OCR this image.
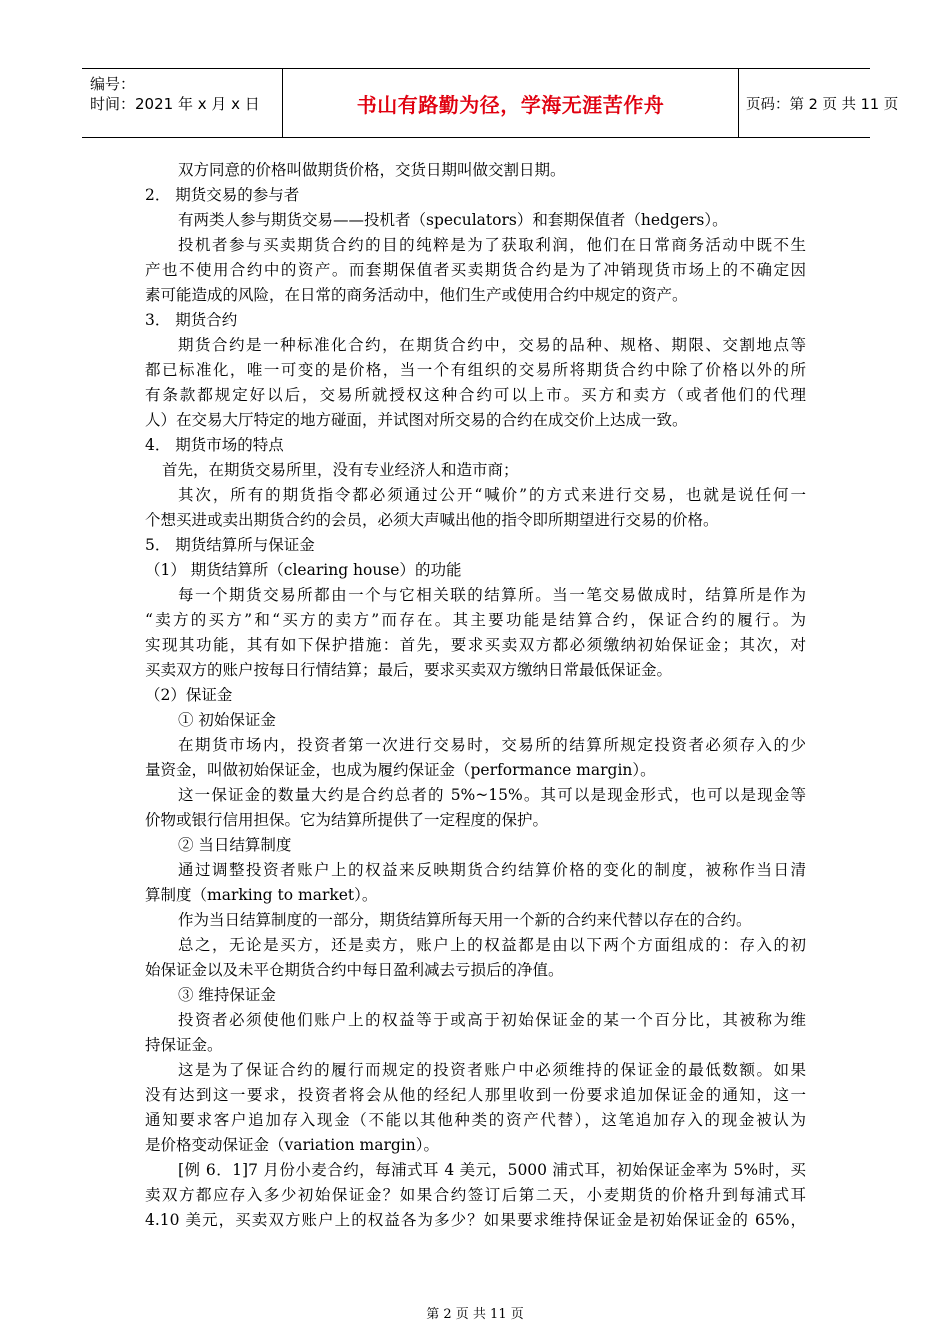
编号：
时间：2021 年 x 月 x 日	书山有路勤为径，学海无涯苦作舟	页码：第 2 页 共 11 页
双方同意的价格叫做期货价格，交货日期叫做交割日期。
2． 期货交易的参与者
有两类人参与期货交易——投机者（speculators）和套期保值者（hedgers）。
投机者参与买卖期货合约的目的纯粹是为了获取利润，他们在日常商务活动中既不生
产也不使用合约中的资产。而套期保值者买卖期货合约是为了冲销现货市场上的不确定因
素可能造成的风险，在日常的商务活动中，他们生产或使用合约中规定的资产。
3． 期货合约
期货合约是一种标准化合约，在期货合约中，交易的品种、规格、期限、交割地点等
都已标准化，唯一可变的是价格，当一个有组织的交易所将期货合约中除了价格以外的所
有条款都规定好以后，交易所就授权这种合约可以上市。买方和卖方（或者他们的代理
人）在交易大厅特定的地方碰面，并试图对所交易的合约在成交价上达成一致。
4． 期货市场的特点
首先，在期货交易所里，没有专业经济人和造市商；
其次，所有的期货指令都必须通过公开“喊价”的方式来进行交易，也就是说任何一
个想买进或卖出期货合约的会员，必须大声喊出他的指令即所期望进行交易的价格。
5． 期货结算所与保证金
（1） 期货结算所（clearing house）的功能
每一个期货交易所都由一个与它相关联的结算所。当一笔交易做成时，结算所是作为
“卖方的买方”和“买方的卖方”而存在。其主要功能是结算合约，保证合约的履行。为
实现其功能，其有如下保护措施：首先，要求买卖双方都必须缴纳初始保证金；其次，对
买卖双方的账户按每日行情结算；最后，要求买卖双方缴纳日常最低保证金。
（2）保证金
① 初始保证金
在期货市场内，投资者第一次进行交易时，交易所的结算所规定投资者必须存入的少
量资金，叫做初始保证金，也成为履约保证金（performance margin）。
这一保证金的数量大约是合约总者的 5%~15%。其可以是现金形式，也可以是现金等
价物或银行信用担保。它为结算所提供了一定程度的保护。
② 当日结算制度
通过调整投资者账户上的权益来反映期货合约结算价格的变化的制度，被称作当日清
算制度（marking to market）。
作为当日结算制度的一部分，期货结算所每天用一个新的合约来代替以存在的合约。
总之，无论是买方，还是卖方，账户上的权益都是由以下两个方面组成的：存入的初
始保证金以及未平仓期货合约中每日盈利减去亏损后的净值。
③ 维持保证金
投资者必须使他们账户上的权益等于或高于初始保证金的某一个百分比，其被称为维
持保证金。
这是为了保证合约的履行而规定的投资者账户中必须维持的保证金的最低数额。如果
没有达到这一要求，投资者将会从他的经纪人那里收到一份要求追加保证金的通知，这一
通知要求客户追加存入现金（不能以其他种类的资产代替），这笔追加存入的现金被认为
是价格变动保证金（variation margin）。
[例 6．1]7 月份小麦合约，每浦式耳 4 美元，5000 浦式耳，初始保证金率为 5%时，买
卖双方都应存入多少初始保证金？如果合约签订后第二天，小麦期货的价格升到每浦式耳
4.10 美元，买卖双方账户上的权益各为多少？如果要求维持保证金是初始保证金的 65%，
第 2 页 共 11 页
